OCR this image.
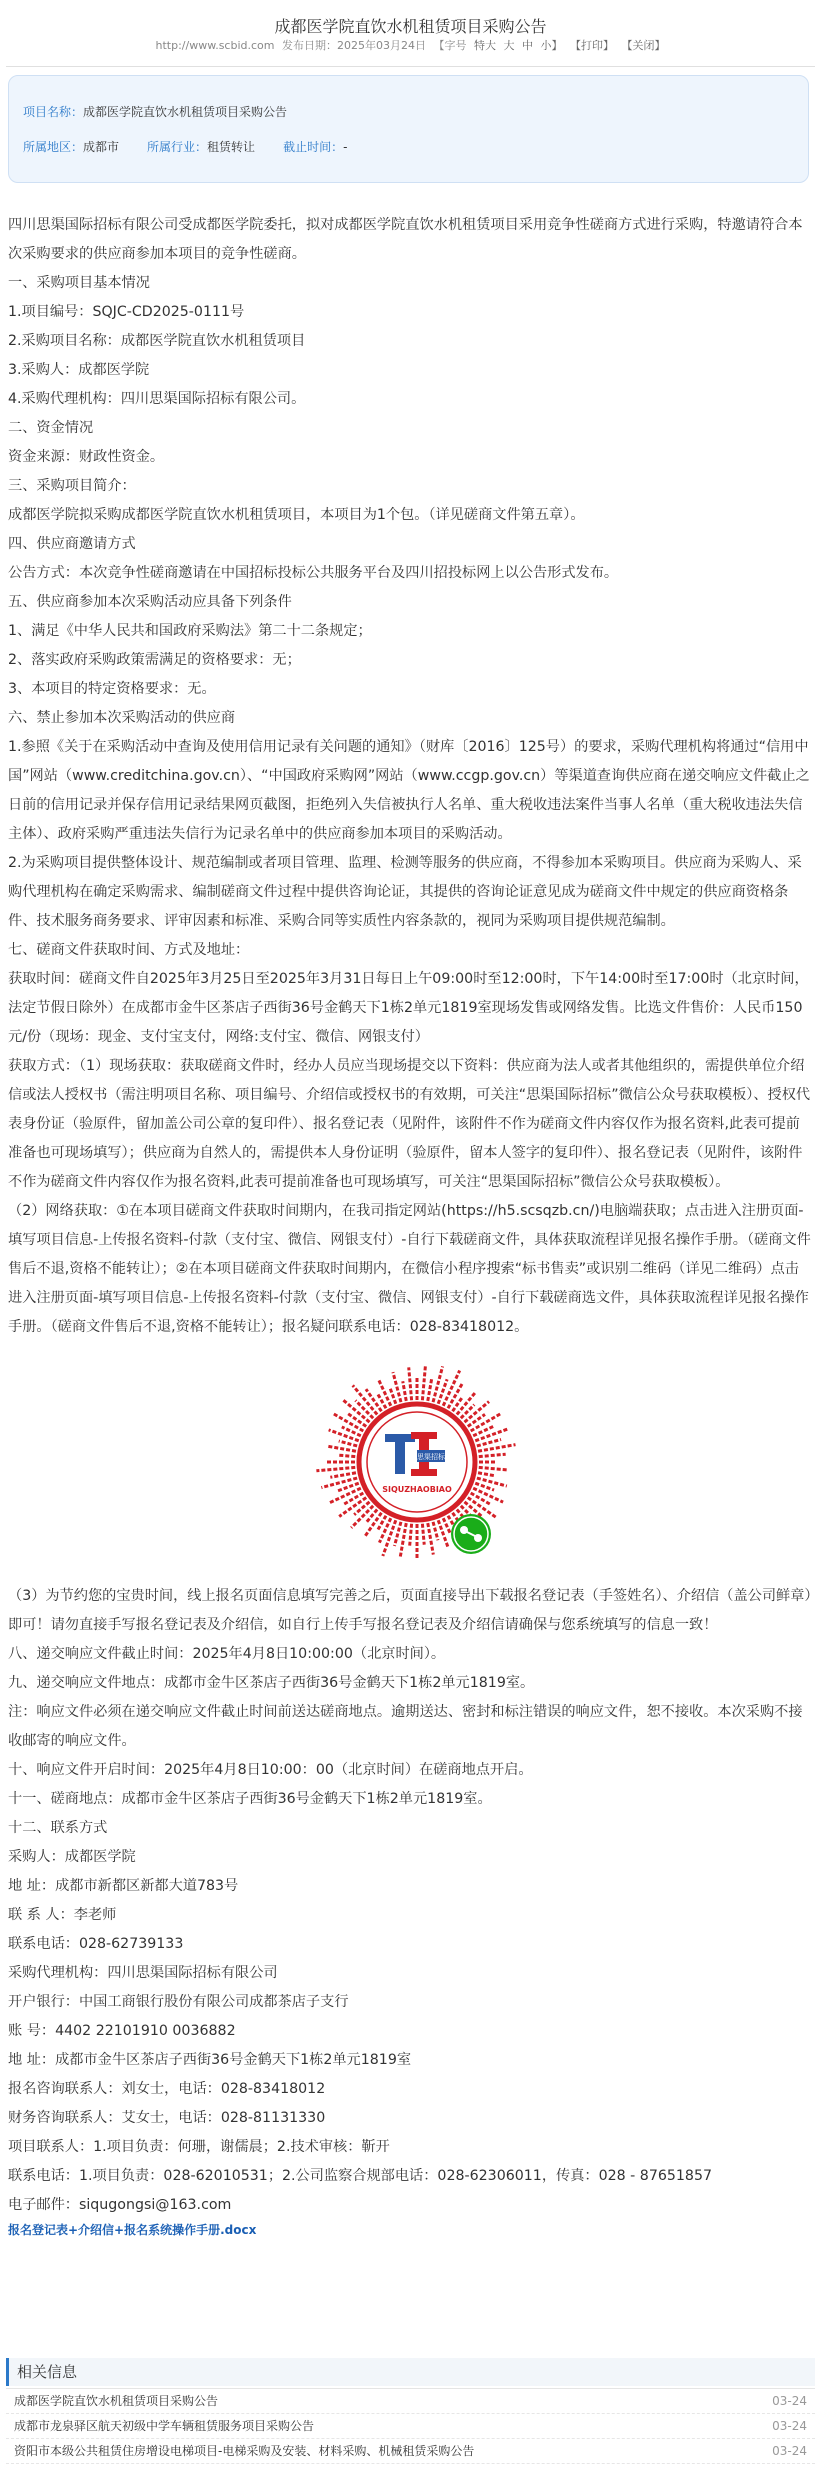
成都医学院直饮水机租赁项目采购公告
http://www.scbid.com 发布日期：2025年03月24日 【字号 特大 大 中 小】 【打印】 【关闭】
项目名称：成都医学院直饮水机租赁项目采购公告
所属地区：成都市 所属行业：租赁转让 截止时间：-

四川思渠国际招标有限公司受成都医学院委托，拟对成都医学院直饮水机租赁项目采用竞争性磋商方式进行采购，特邀请符合本次采购要求的供应商参加本项目的竞争性磋商。

一、采购项目基本情况

1.项目编号：SQJC-CD2025-0111号

2.采购项目名称：成都医学院直饮水机租赁项目

3.采购人：成都医学院

4.采购代理机构：四川思渠国际招标有限公司。

二、资金情况

资金来源：财政性资金。

三、采购项目简介：

成都医学院拟采购成都医学院直饮水机租赁项目，本项目为1个包。（详见磋商文件第五章）。

四、供应商邀请方式

公告方式：本次竞争性磋商邀请在中国招标投标公共服务平台及四川招投标网上以公告形式发布。

五、供应商参加本次采购活动应具备下列条件

1、满足《中华人民共和国政府采购法》第二十二条规定；

2、落实政府采购政策需满足的资格要求：无；

3、本项目的特定资格要求：无。

六、禁止参加本次采购活动的供应商

1.参照《关于在采购活动中查询及使用信用记录有关问题的通知》（财库〔2016〕125号）的要求，采购代理机构将通过“信用中国”网站（www.creditchina.gov.cn）、“中国政府采购网”网站（www.ccgp.gov.cn）等渠道查询供应商在递交响应文件截止之日前的信用记录并保存信用记录结果网页截图，拒绝列入失信被执行人名单、重大税收违法案件当事人名单（重大税收违法失信主体）、政府采购严重违法失信行为记录名单中的供应商参加本项目的采购活动。

2.为采购项目提供整体设计、规范编制或者项目管理、监理、检测等服务的供应商，不得参加本采购项目。供应商为采购人、采购代理机构在确定采购需求、编制磋商文件过程中提供咨询论证，其提供的咨询论证意见成为磋商文件中规定的供应商资格条件、技术服务商务要求、评审因素和标准、采购合同等实质性内容条款的，视同为采购项目提供规范编制。

七、磋商文件获取时间、方式及地址：

获取时间：磋商文件自2025年3月25日至2025年3月31日每日上午09:00时至12:00时，下午14:00时至17:00时（北京时间，法定节假日除外）在成都市金牛区茶店子西街36号金鹤天下1栋2单元1819室现场发售或网络发售。比选文件售价：人民币150元/份（现场：现金、支付宝支付，网络:支付宝、微信、网银支付）

获取方式：（1）现场获取：获取磋商文件时，经办人员应当现场提交以下资料：供应商为法人或者其他组织的，需提供单位介绍信或法人授权书（需注明项目名称、项目编号、介绍信或授权书的有效期，可关注“思渠国际招标”微信公众号获取模板）、授权代表身份证（验原件，留加盖公司公章的复印件）、报名登记表（见附件，该附件不作为磋商文件内容仅作为报名资料,此表可提前准备也可现场填写）；供应商为自然人的，需提供本人身份证明（验原件，留本人签字的复印件）、报名登记表（见附件，该附件不作为磋商文件内容仅作为报名资料,此表可提前准备也可现场填写，可关注“思渠国际招标”微信公众号获取模板）。

（2）网络获取：①在本项目磋商文件获取时间期内，在我司指定网站(https://h5.scsqzb.cn/)电脑端获取；点击进入注册页面-填写项目信息-上传报名资料-付款（支付宝、微信、网银支付）-自行下载磋商文件，具体获取流程详见报名操作手册。（磋商文件售后不退,资格不能转让）；②在本项目磋商文件获取时间期内，在微信小程序搜索“标书售卖”或识别二维码（详见二维码）点击进入注册页面-填写项目信息-上传报名资料-付款（支付宝、微信、网银支付）-自行下载磋商选文件，具体获取流程详见报名操作手册。（磋商文件售后不退,资格不能转让）；报名疑问联系电话：028-83418012。

思渠招标
SIQUZHAOBIAO

（3）为节约您的宝贵时间，线上报名页面信息填写完善之后，页面直接导出下载报名登记表（手签姓名）、介绍信（盖公司鲜章）即可！请勿直接手写报名登记表及介绍信，如自行上传手写报名登记表及介绍信请确保与您系统填写的信息一致！

八、递交响应文件截止时间：2025年4月8日10:00:00（北京时间）。

九、递交响应文件地点：成都市金牛区茶店子西街36号金鹤天下1栋2单元1819室。

注：响应文件必须在递交响应文件截止时间前送达磋商地点。逾期送达、密封和标注错误的响应文件，恕不接收。本次采购不接收邮寄的响应文件。

十、响应文件开启时间：2025年4月8日10:00：00（北京时间）在磋商地点开启。

十一、磋商地点：成都市金牛区茶店子西街36号金鹤天下1栋2单元1819室。

十二、联系方式

采购人：成都医学院

地 址：成都市新都区新都大道783号

联 系 人：李老师

联系电话：028-62739133

采购代理机构：四川思渠国际招标有限公司

开户银行：中国工商银行股份有限公司成都茶店子支行

账 号：4402 22101910 0036882

地 址：成都市金牛区茶店子西街36号金鹤天下1栋2单元1819室

报名咨询联系人：刘女士，电话：028-83418012

财务咨询联系人：艾女士，电话：028-81131330

项目联系人：1.项目负责：何珊，谢儒晨；2.技术审核：靳开

联系电话：1.项目负责：028-62010531；2.公司监察合规部电话：028-62306011，传真：028 - 87651857

电子邮件：siqugongsi@163.com

报名登记表+介绍信+报名系统操作手册.docx
相关信息
成都医学院直饮水机租赁项目采购公告	03-24
成都市龙泉驿区航天初级中学车辆租赁服务项目采购公告	03-24
资阳市本级公共租赁住房增设电梯项目-电梯采购及安装、材料采购、机械租赁采购公告	03-24
